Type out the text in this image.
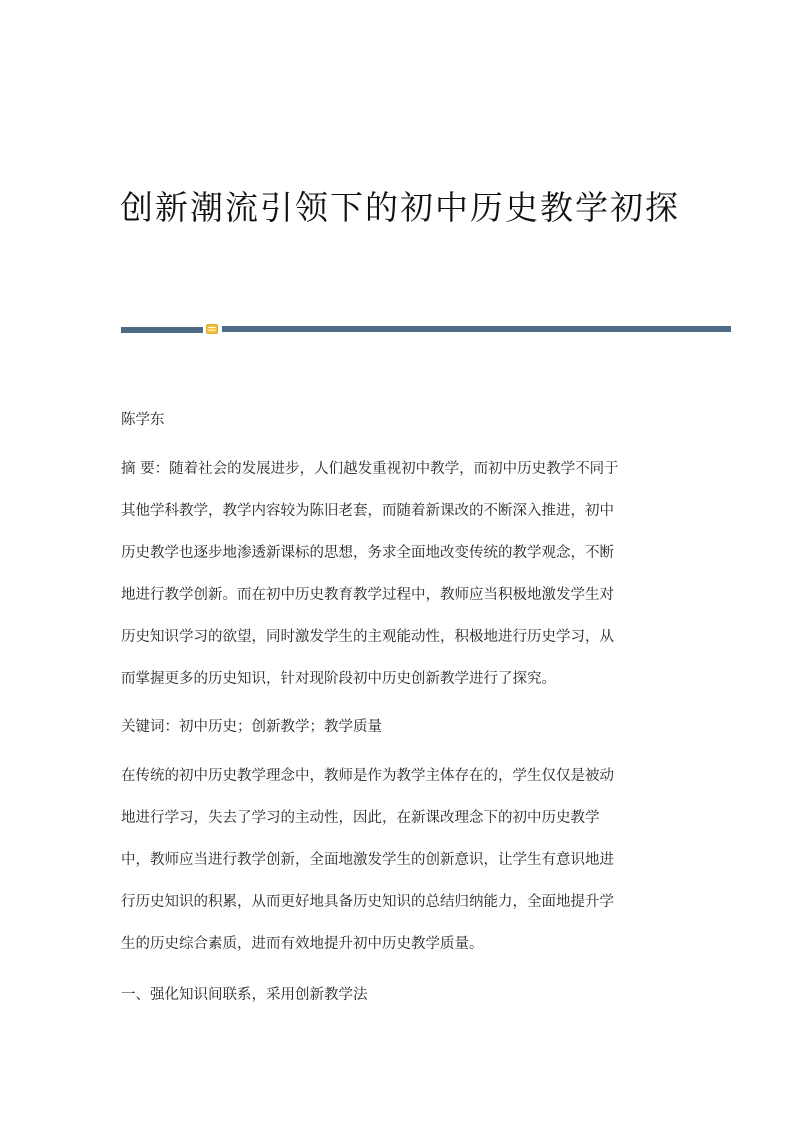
创新潮流引领下的初中历史教学初探

陈学东

摘 要：随着社会的发展进步，人们越发重视初中教学，而初中历史教学不同于

其他学科教学，教学内容较为陈旧老套，而随着新课改的不断深入推进，初中

历史教学也逐步地渗透新课标的思想，务求全面地改变传统的教学观念，不断

地进行教学创新。而在初中历史教育教学过程中，教师应当积极地激发学生对

历史知识学习的欲望，同时激发学生的主观能动性，积极地进行历史学习，从

而掌握更多的历史知识，针对现阶段初中历史创新教学进行了探究。

关键词：初中历史；创新教学；教学质量

在传统的初中历史教学理念中，教师是作为教学主体存在的，学生仅仅是被动

地进行学习，失去了学习的主动性，因此，在新课改理念下的初中历史教学

中，教师应当进行教学创新，全面地激发学生的创新意识，让学生有意识地进

行历史知识的积累，从而更好地具备历史知识的总结归纳能力，全面地提升学

生的历史综合素质，进而有效地提升初中历史教学质量。

一、强化知识间联系，采用创新教学法
